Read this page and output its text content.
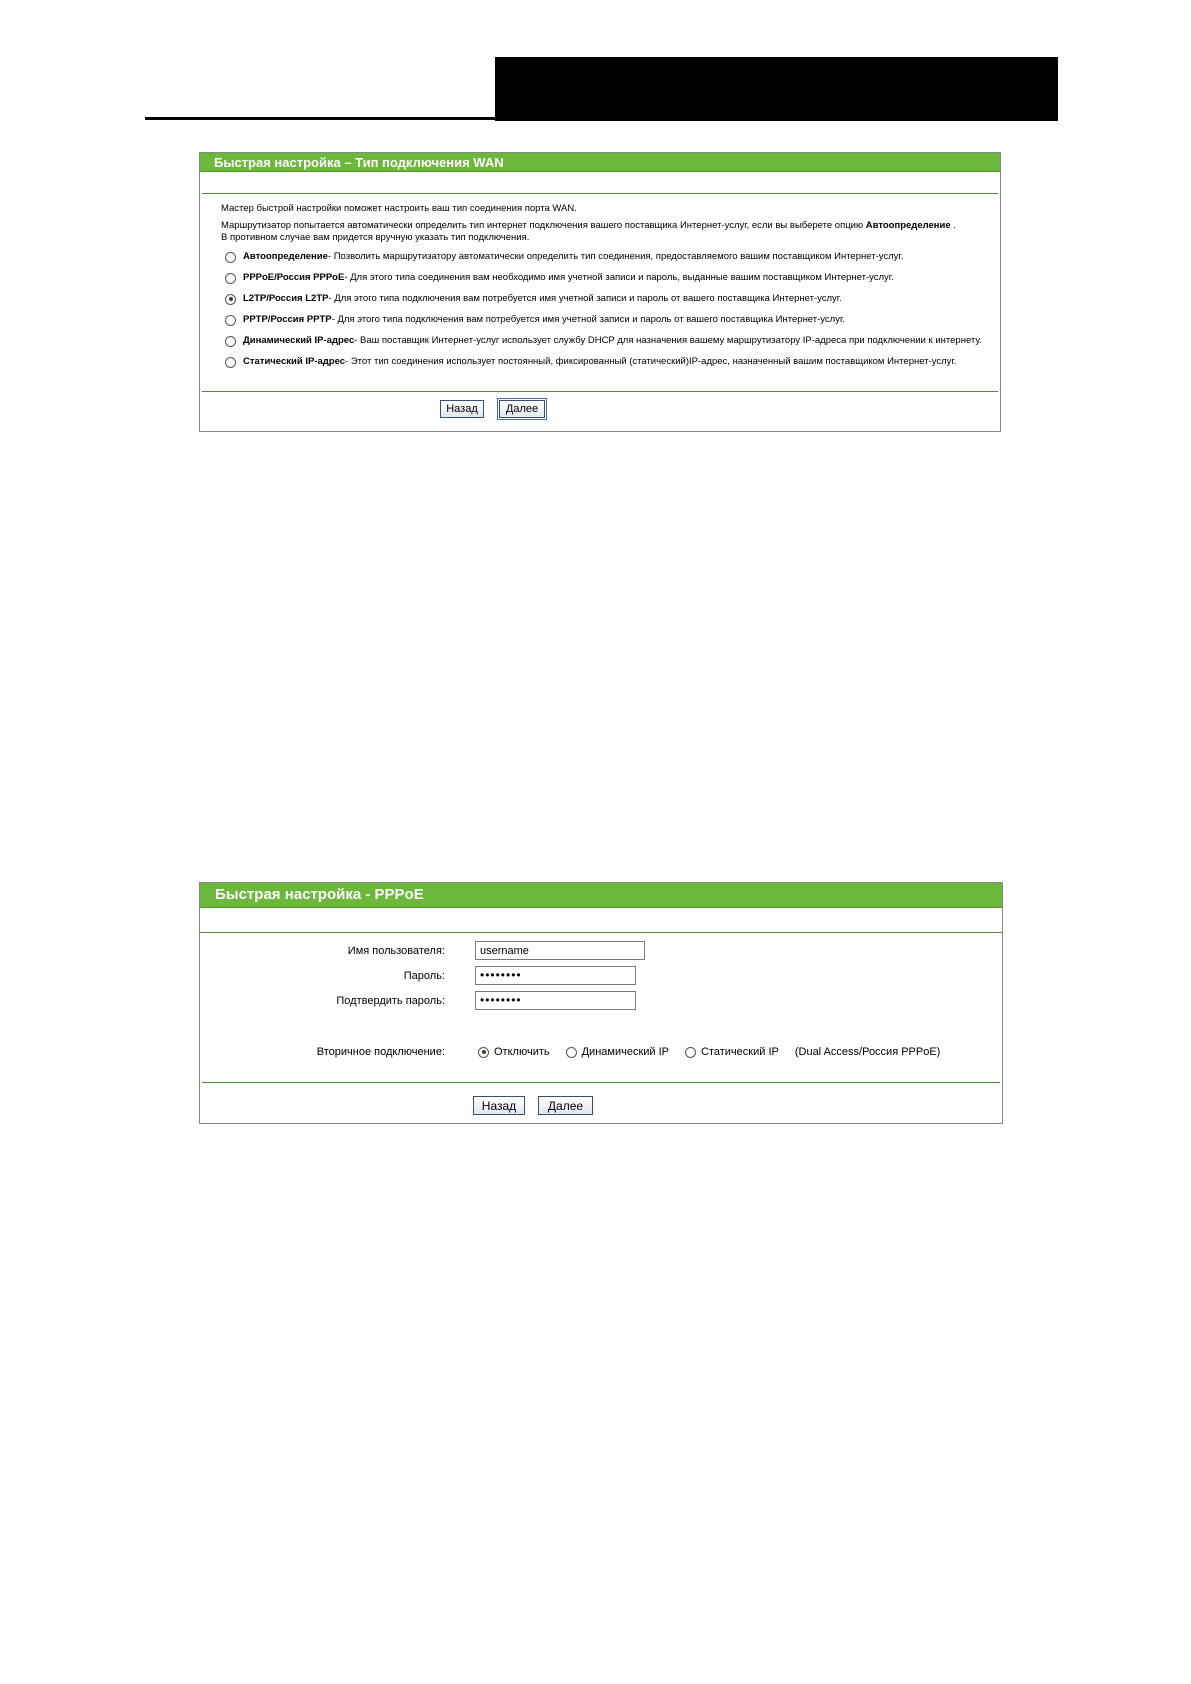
Быстрая настройка – Тип подключения WAN
Мастер быстрой настройки поможет настроить ваш тип соединения порта WAN.
Маршрутизатор попытается автоматически определить тип интернет подключения вашего поставщика Интернет-услуг, если вы выберете опцию Автоопределение .
В противном случае вам придется вручную указать тип подключения.
Автоопределение - Позволить маршрутизатору автоматически определить тип соединения, предоставляемого вашим поставщиком Интернет-услуг.
PPPoE/Россия PPPoE - Для этого типа соединения вам необходимо имя учетной записи и пароль, выданные вашим поставщиком Интернет-услуг.
L2TP/Россия L2TP - Для этого типа подключения вам потребуется имя учетной записи и пароль от вашего поставщика Интернет-услуг.
PPTP/Россия PPTP - Для этого типа подключения вам потребуется имя учетной записи и пароль от вашего поставщика Интернет-услуг.
Динамический IP-адрес - Ваш поставщик Интернет-услуг использует службу DHCP для назначения вашему маршрутизатору IP-адреса при подключении к интернету.
Статический IP-адрес - Этот тип соединения использует постоянный, фиксированный (статический)IP-адрес, назначенный вашим поставщиком Интернет-услуг.
Назад	Далее
Быстрая настройка - PPPoE
Имя пользователя:
username
Пароль:	••••••••
Подтвердить пароль:	••••••••
Вторичное подключение:	Отключить	Динамический IP	Статический IP (Dual Access/Россия PPPoE)
Назад	Далее
